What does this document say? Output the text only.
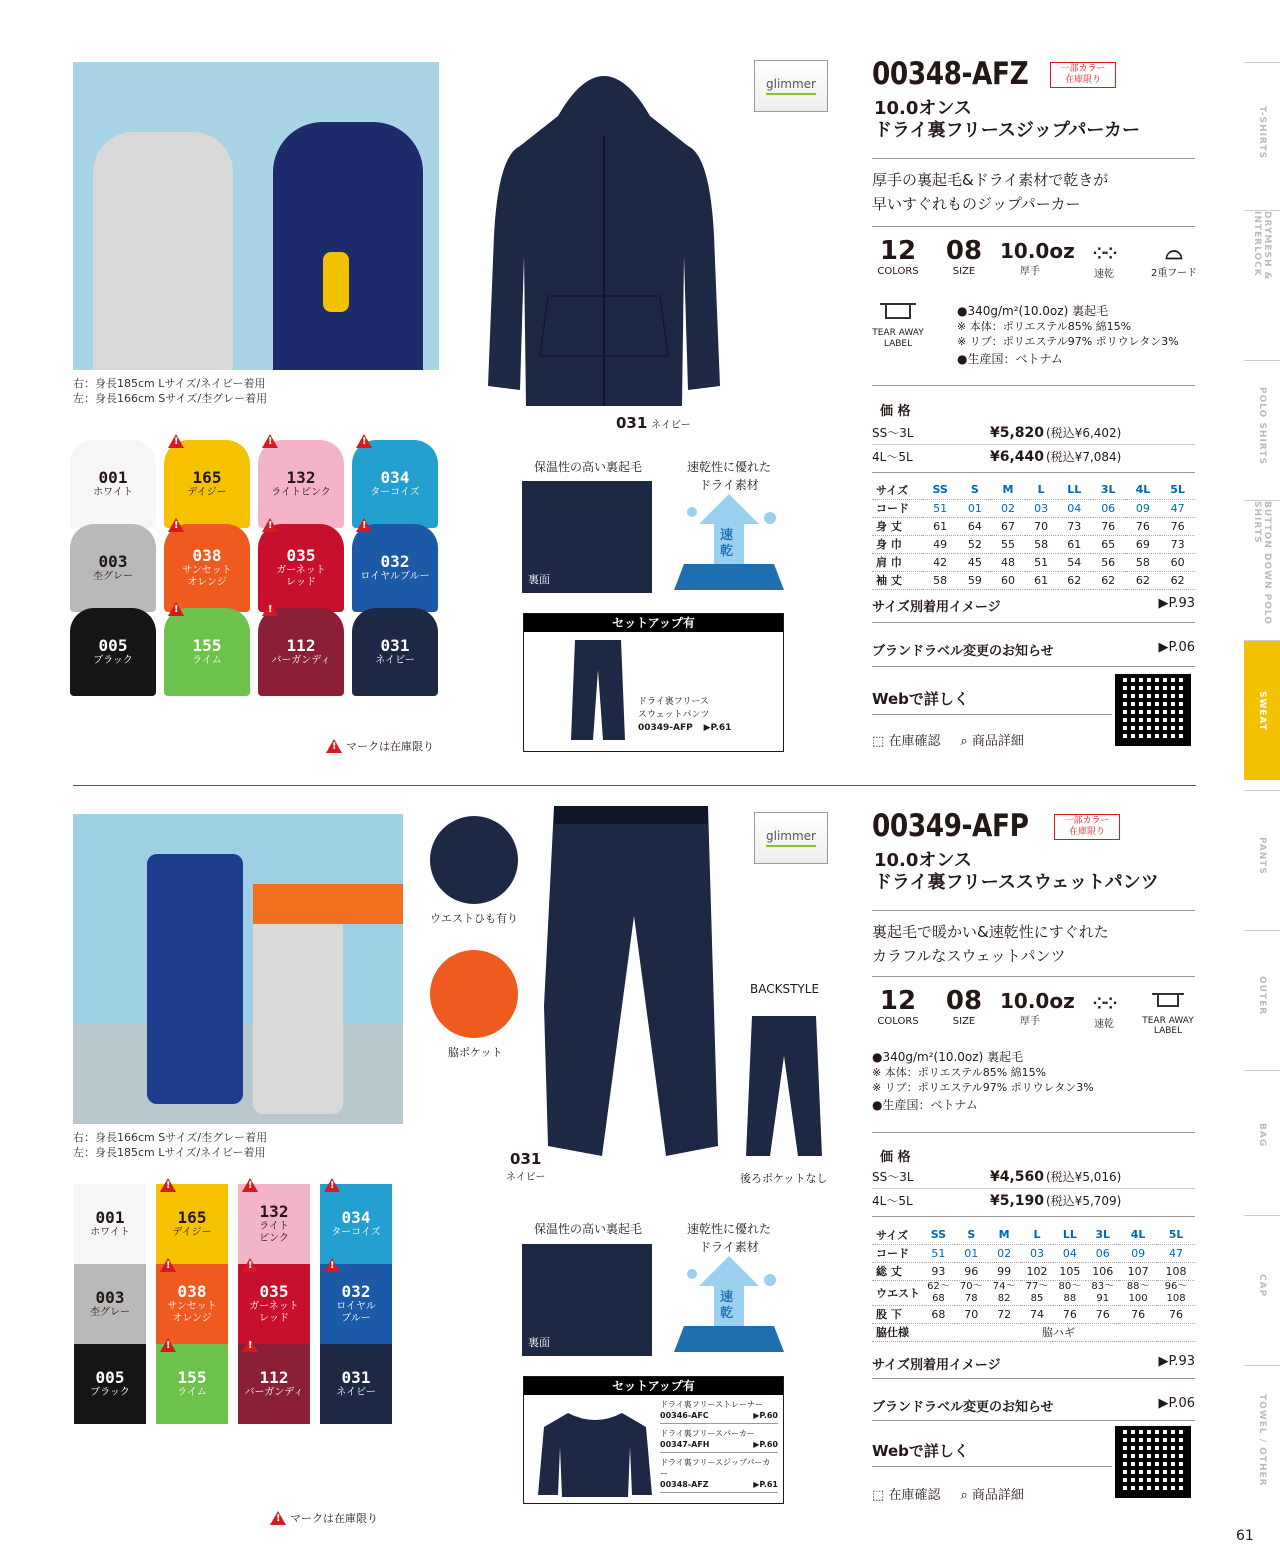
T-SHIRTS
DRYMESH & INTERLOCK
POLO SHIRTS
BUTTON DOWN POLO SHIRTS
SWEAT
PANTS
OUTER
BAG
CAP
TOWEL / OTHER
右：身長185cm Lサイズ/ネイビー着用
左：身長166cm Sサイズ/杢グレー着用
031 ネイビー
glimmer 00348-AFZ	一部カラー
在庫限り
10.0オンス
ドライ裏フリースジップパーカー
厚手の裏起毛&ドライ素材で乾きが
早いすぐれものジップパーカー
12
COLORS
08
SIZE
10.0oz
厚手
⁘⁘
速乾
⌓
2重フード
TEAR AWAY
LABEL
●340g/m²(10.0oz) 裏起毛
※ 本体：ポリエステル85% 綿15%
※ リブ：ポリエステル97% ポリウレタン3%
●生産国：ベトナム
価 格
SS〜3L	¥5,820 (税込¥6,402)
4L〜5L	¥6,440 (税込¥7,084)
サイズ	SS	S	M	L	LL	3L	4L	5L
コード	51	01	02	03	04	06	09	47
身 丈	61	64	67	70	73	76	76	76
身 巾	49	52	55	58	61	65	69	73
肩 巾	42	45	48	51	54	56	58	60
袖 丈	58	59	60	61	62	62	62	62
サイズ別着用イメージ	▶P.93
ブランドラベル変更のお知らせ	▶P.06
Webで詳しく
⬚ 在庫確認 ⌕ 商品詳細
保温性の高い裏起毛	速乾性に優れた
ドライ素材
裏面
速
乾
セットアップ有
ドライ裏フリース
スウェットパンツ
00349-AFP ▶P.61
001
ホワイト
165
デイジー
!
132
ライトピンク
!
034
ターコイズ
!
003
杢グレー
038
サンセット
オレンジ
!
035
ガーネット
レッド
!
032
ロイヤルブルー
!
005
ブラック
155
ライム
!
112
バーガンディ
!
031
ネイビー
!
マークは在庫限り
右：身長166cm Sサイズ/杢グレー着用
左：身長185cm Lサイズ/ネイビー着用
ウエストひも有り
脇ポケット
031
ネイビー
BACKSTYLE
後ろポケットなし
glimmer 00349-AFP	一部カラー
在庫限り
10.0オンス
ドライ裏フリーススウェットパンツ
裏起毛で暖かい&速乾性にすぐれた
カラフルなスウェットパンツ
12
COLORS
08
SIZE
10.0oz
厚手
⁘⁘
速乾	TEAR AWAY
LABEL
●340g/m²(10.0oz) 裏起毛
※ 本体：ポリエステル85% 綿15%
※ リブ：ポリエステル97% ポリウレタン3%
●生産国：ベトナム
価 格
SS〜3L	¥4,560 (税込¥5,016)
4L〜5L	¥5,190 (税込¥5,709)
サイズ	SS	S	M	L	LL	3L	4L	5L
コード	51	01	02	03	04	06	09	47
総 丈	93	96	99	102	105	106	107	108
ウエスト	62〜68	70〜78	74〜82	77〜85	80〜88	83〜91	88〜100	96〜108
股 下	68	70	72	74	76	76	76	76
脇仕様	脇ハギ							
サイズ別着用イメージ	▶P.93
ブランドラベル変更のお知らせ	▶P.06
Webで詳しく
⬚ 在庫確認 ⌕ 商品詳細
保温性の高い裏起毛	速乾性に優れた
ドライ素材
裏面
速
乾
セットアップ有
ドライ裏フリーストレーナー
00346-AFC	▶P.60
ドライ裏フリースパーカー
00347-AFH	▶P.60
ドライ裏フリースジップパーカー
00348-AFZ	▶P.61
001
ホワイト
165
デイジー
!
132
ライト
ピンク
!
034
ターコイズ
!
003
杢グレー
038
サンセット
オレンジ
!
035
ガーネット
レッド
!
032
ロイヤル
ブルー
!
005
ブラック
155
ライム
!
112
バーガンディ
!
031
ネイビー
!
マークは在庫限り
61
